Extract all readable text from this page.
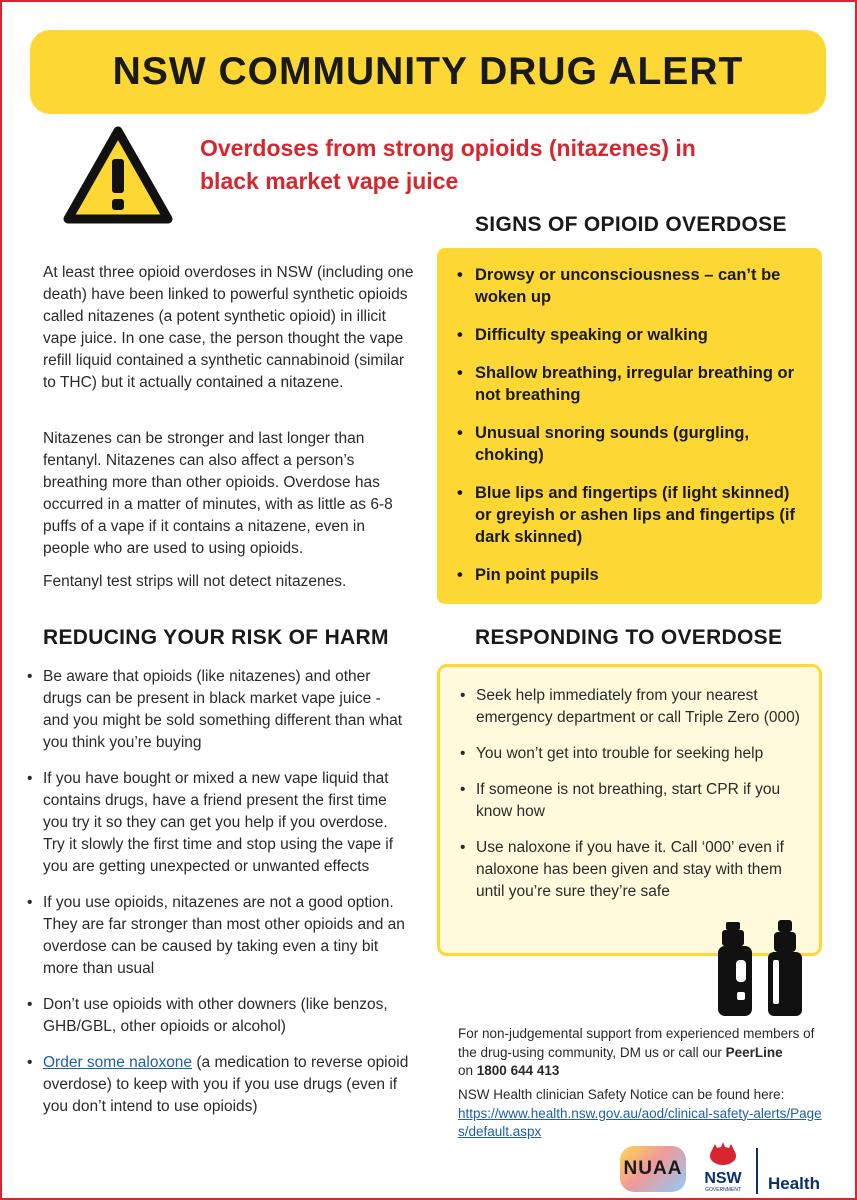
NSW COMMUNITY DRUG ALERT

Overdoses from strong opioids (nitazenes) in
black market vape juice

SIGNS OF OPIOID OVERDOSE

At least three opioid overdoses in NSW (including one death) have been linked to powerful synthetic opioids called nitazenes (a potent synthetic opioid) in illicit vape juice. In one case, the person thought the vape refill liquid contained a synthetic cannabinoid (similar to THC) but it actually contained a nitazene.

Nitazenes can be stronger and last longer than fentanyl. Nitazenes can also affect a person’s breathing more than other opioids. Overdose has occurred in a matter of minutes, with as little as 6-8 puffs of a vape if it contains a nitazene, even in people who are used to using opioids.

Fentanyl test strips will not detect nitazenes.

• Drowsy or unconsciousness – can’t be woken up
• Difficulty speaking or walking
• Shallow breathing, irregular breathing or not breathing
• Unusual snoring sounds (gurgling, choking)
• Blue lips and fingertips (if light skinned) or greyish or ashen lips and fingertips (if dark skinned)
• Pin point pupils
REDUCING YOUR RISK OF HARM	RESPONDING TO OVERDOSE
• Be aware that opioids (like nitazenes) and other drugs can be present in black market vape juice - and you might be sold something different than what you think you’re buying
• If you have bought or mixed a new vape liquid that contains drugs, have a friend present the first time you try it so they can get you help if you overdose. Try it slowly the first time and stop using the vape if you are getting unexpected or unwanted effects
• If you use opioids, nitazenes are not a good option. They are far stronger than most other opioids and an overdose can be caused by taking even a tiny bit more than usual
• Don’t use opioids with other downers (like benzos, GHB/GBL, other opioids or alcohol)
• Order some naloxone (a medication to reverse opioid overdose) to keep with you if you use drugs (even if you don’t intend to use opioids)
• Seek help immediately from your nearest emergency department or call Triple Zero (000)
• You won’t get into trouble for seeking help
• If someone is not breathing, start CPR if you know how
• Use naloxone if you have it. Call ‘000’ even if naloxone has been given and stay with them until you’re sure they’re safe

For non-judgemental support from experienced members of the drug-using community, DM us or call our PeerLine
on 1800 644 413

NSW Health clinician Safety Notice can be found here:
https://www.health.nsw.gov.au/aod/clinical-safety-alerts/Pages/default.aspx

NUAA	NSW
GOVERNMENT	Health
